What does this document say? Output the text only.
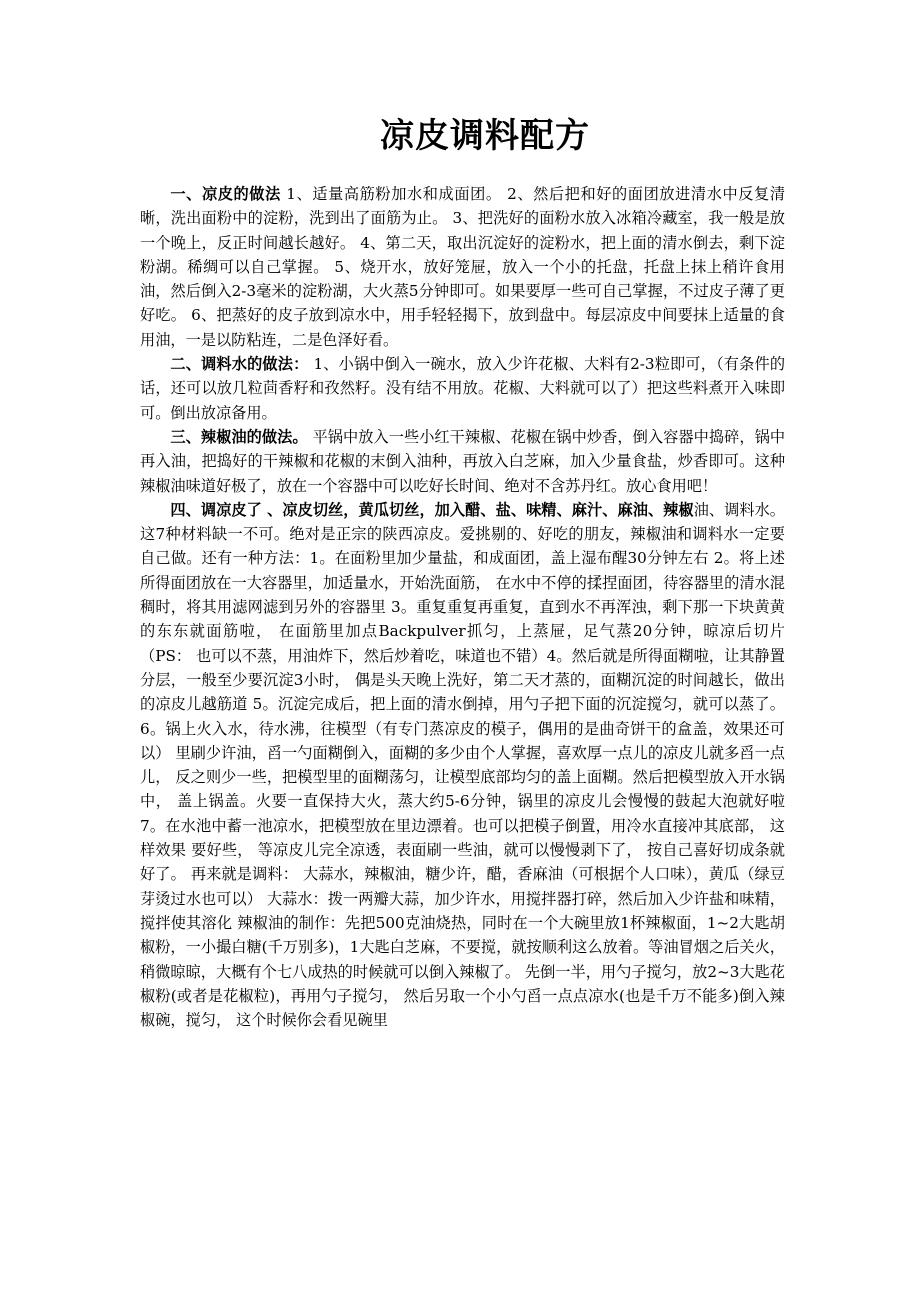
凉皮调料配方

一、凉皮的做法 1、适量高筋粉加水和成面团。 2、然后把和好的面团放进清水中反复清晰，洗出面粉中的淀粉，洗到出了面筋为止。 3、把洗好的面粉水放入冰箱冷藏室，我一般是放一个晚上，反正时间越长越好。 4、第二天，取出沉淀好的淀粉水，把上面的清水倒去，剩下淀粉湖。稀绸可以自己掌握。 5、烧开水，放好笼屉，放入一个小的托盘，托盘上抹上稍许食用油，然后倒入2-3毫米的淀粉湖，大火蒸5分钟即可。如果要厚一些可自己掌握，不过皮子薄了更好吃。 6、把蒸好的皮子放到凉水中，用手轻轻揭下，放到盘中。每层凉皮中间要抹上适量的食用油，一是以防粘连，二是色泽好看。

二、调料水的做法： 1、小锅中倒入一碗水，放入少许花椒、大料有2-3粒即可，（有条件的话，还可以放几粒茴香籽和孜然籽。没有结不用放。花椒、大料就可以了）把这些料煮开入味即可。倒出放凉备用。

三、辣椒油的做法。 平锅中放入一些小红干辣椒、花椒在锅中炒香，倒入容器中捣碎，锅中再入油，把捣好的干辣椒和花椒的末倒入油种，再放入白芝麻，加入少量食盐，炒香即可。这种辣椒油味道好极了，放在一个容器中可以吃好长时间、绝对不含苏丹红。放心食用吧！

四、调凉皮了 、凉皮切丝，黄瓜切丝，加入醋、盐、味精、麻汁、麻油、辣椒油、调料水。这7种材料缺一不可。绝对是正宗的陕西凉皮。爱挑剔的、好吃的朋友，辣椒油和调料水一定要自己做。还有一种方法：1。在面粉里加少量盐，和成面团，盖上湿布醒30分钟左右 2。将上述所得面团放在一大容器里，加适量水，开始洗面筋， 在水中不停的揉捏面团，待容器里的清水混稠时，将其用滤网滤到另外的容器里 3。重复重复再重复，直到水不再浑浊，剩下那一下块黄黄的东东就面筋啦， 在面筋里加点Backpulver抓匀，上蒸屉，足气蒸20分钟，晾凉后切片 （PS： 也可以不蒸，用油炸下，然后炒着吃，味道也不错）4。然后就是所得面糊啦，让其静置分层，一般至少要沉淀3小时， 偶是头天晚上洗好，第二天才蒸的，面糊沉淀的时间越长，做出的凉皮儿越筋道 5。沉淀完成后，把上面的清水倒掉，用勺子把下面的沉淀搅匀，就可以蒸了。 6。锅上火入水，待水沸，往模型（有专门蒸凉皮的模子，偶用的是曲奇饼干的盒盖，效果还可以） 里刷少许油，舀一勺面糊倒入，面糊的多少由个人掌握，喜欢厚一点儿的凉皮儿就多舀一点儿， 反之则少一些，把模型里的面糊荡匀，让模型底部均匀的盖上面糊。然后把模型放入开水锅中， 盖上锅盖。火要一直保持大火，蒸大约5-6分钟，锅里的凉皮儿会慢慢的鼓起大泡就好啦 7。在水池中蓄一池凉水，把模型放在里边漂着。也可以把模子倒置，用冷水直接冲其底部， 这样效果 要好些， 等凉皮儿完全凉透，表面刷一些油，就可以慢慢剥下了， 按自己喜好切成条就好了。 再来就是调料： 大蒜水，辣椒油，糖少许，醋，香麻油（可根据个人口味），黄瓜（绿豆芽烫过水也可以） 大蒜水：拨一两瓣大蒜，加少许水，用搅拌器打碎，然后加入少许盐和味精，搅拌使其溶化 辣椒油的制作：先把500克油烧热，同时在一个大碗里放1杯辣椒面，1~2大匙胡椒粉，一小撮白糖(千万别多)，1大匙白芝麻，不要搅，就按顺利这么放着。等油冒烟之后关火，稍微晾晾，大概有个七八成热的时候就可以倒入辣椒了。 先倒一半，用勺子搅匀，放2~3大匙花椒粉(或者是花椒粒)，再用勺子搅匀， 然后另取一个小勺舀一点点凉水(也是千万不能多)倒入辣椒碗，搅匀， 这个时候你会看见碗里
